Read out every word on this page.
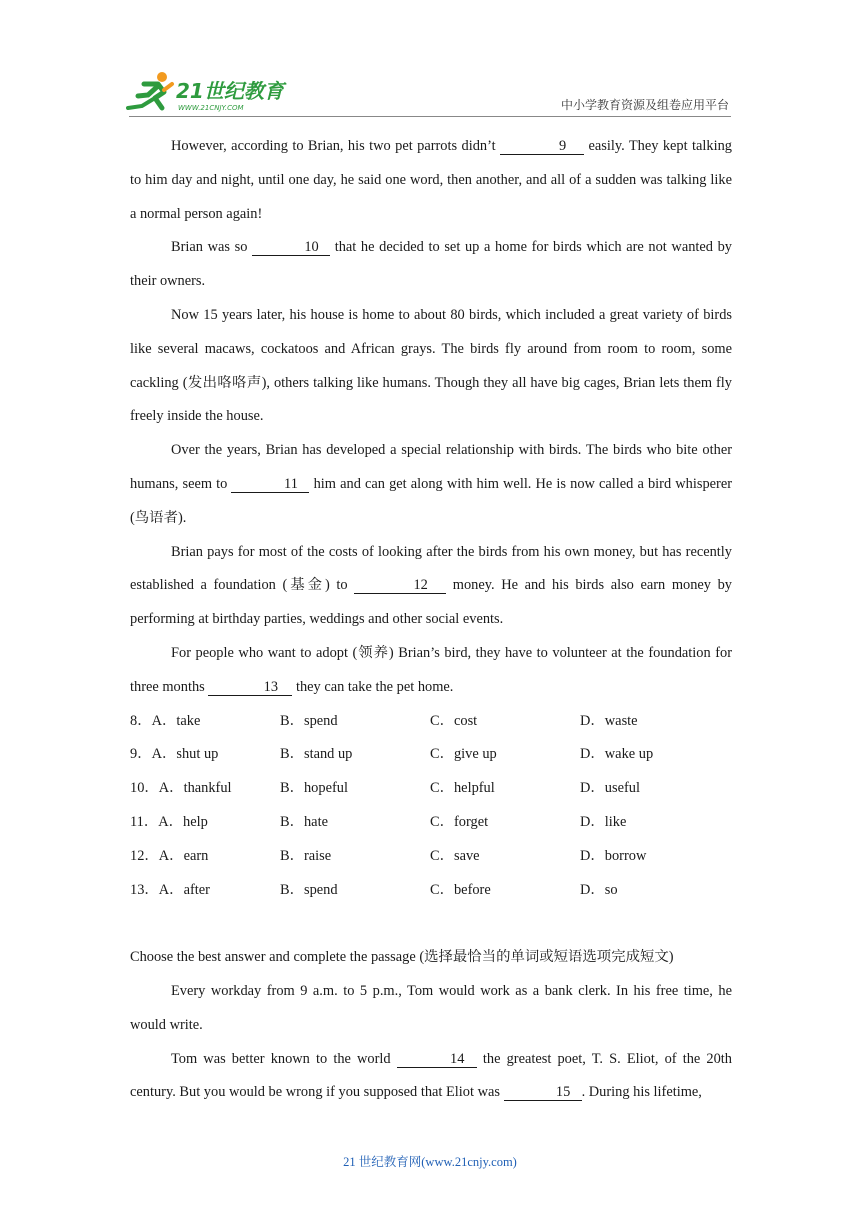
21世纪教育
WWW.21CNJY.COM	中小学教育资源及组卷应用平台

However, according to Brian, his two pet parrots didn’t	9 easily. They kept talking to him day and night, until one day, he said one word, then another, and all of a sudden was talking like a normal person again!

Brian was so	10 that he decided to set up a home for birds which are not wanted by their owners.

Now 15 years later, his house is home to about 80 birds, which included a great variety of birds like several macaws, cockatoos and African grays. The birds fly around from room to room, some cackling (发出咯咯声), others talking like humans. Though they all have big cages, Brian lets them fly freely inside the house.

Over the years, Brian has developed a special relationship with birds. The birds who bite other humans, seem to	11 him and can get along with him well. He is now called a bird whisperer (鸟语者).

Brian pays for most of the costs of looking after the birds from his own money, but has recently established a foundation (基金) to	12 money. He and his birds also earn money by performing at birthday parties, weddings and other social events.

For people who want to adopt (领养) Brian’s bird, they have to volunteer at the foundation for three months	13 they can take the pet home.

8．A．take	B．spend	C．cost	D．waste
9．A．shut up	B．stand up	C．give up	D．wake up
10．A．thankful	B．hopeful	C．helpful	D．useful
11．A．help	B．hate	C．forget	D．like
12．A．earn	B．raise	C．save	D．borrow
13．A．after	B．spend	C．before	D．so

Choose the best answer and complete the passage (选择最恰当的单词或短语选项完成短文)

Every workday from 9 a.m. to 5 p.m., Tom would work as a bank clerk. In his free time, he would write.

Tom was better known to the world	14 the greatest poet, T. S. Eliot, of the 20th century. But you would be wrong if you supposed that Eliot was	15 . During his lifetime,

21 世纪教育网(www.21cnjy.com)
